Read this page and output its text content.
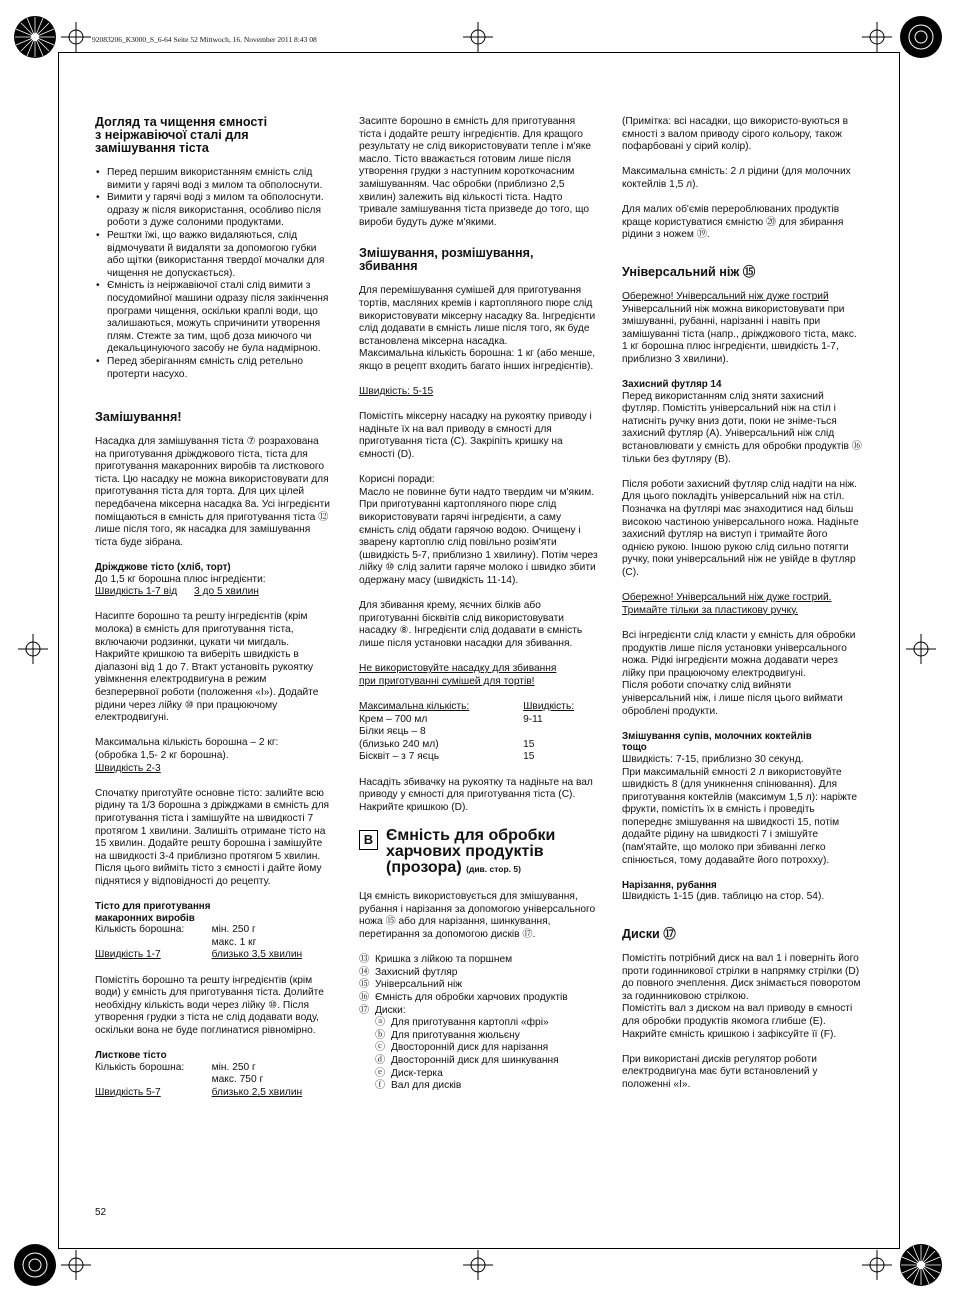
92083206_K3000_S_6-64 Seite 52 Mittwoch, 16. November 2011 8:43 08
Догляд та чищення ємності
з неіржавіючої сталі для
замішування тіста
• Перед першим використанням ємність слід вимити у гарячі воді з милом та обполоснути.
• Вимити у гарячі воді з милом та обполоснути. одразу ж після використання, особливо після роботи з дуже солоними продуктами.
• Рештки їжі, що важко видаляються, слід відмочувати й видаляти за допомогою губки або щітки (використання твердої мочалки для чищення не допускається).
• Ємність із неіржавіючої сталі слід вимити з посудомийної машини одразу після закінчення програми чищення, оскільки краплі води, що залишаються, можуть спричинити утворення плям. Стежте за тим, щоб доза миючого чи декальцинуючого засобу не була надмірною.
• Перед зберіганням ємність слід ретельно протерти насухо.
Замішування!

Насадка для замішування тіста ⑦ розрахована на приготування дріжджового тіста, тіста для приготування макаронних виробів та листкового тіста. Цю насадку не можна використовувати для приготування тіста для торта. Для цих цілей передбачена міксерна насадка 8а. Усі інгредієнти поміщаються в ємність для приготування тіста ⑫ лише після того, як насадка для замішування тіста буде зібрана.

Дріжджове тісто (хліб, торт)
До 1,5 кг борошна плюс інгредієнти:
Швидкість 1-7 від 3 до 5 хвилин

Насипте борошно та решту інгредієнтів (крім молока) в ємність для приготування тіста, включаючи родзинки, цукати чи мигдаль. Накрийте кришкою та виберіть швидкість в діапазоні від 1 до 7. Втакт установіть рукоятку увімкнення електродвигуна в режим безперервної роботи (положення «I»). Додайте рідини через лійку ⑩ при працюючому електродвигуні.

Максимальна кількість борошна – 2 кг:
(обробка 1,5- 2 кг борошна).

Швидкість 2-3

Спочатку приготуйте основне тісто: залийте всю рідину та 1/3 борошна з дріжджами в ємність для приготування тіста і замішуйте на швидкості 7 протягом 1 хвилини. Залишіть отримане тісто на 15 хвилин. Додайте решту борошна і замішуйте на швидкості 3-4 приблизно протягом 5 хвилин. Після цього вийміть тісто з ємності і дайте йому піднятися у відповідності до рецепту.

Тісто для приготування
макаронних виробів
Кількість борошна:	мін. 250 г
	макс. 1 кг
Швидкість 1-7	близько 3,5 хвилин

Помістіть борошно та решту інгредієнтів (крім води) у ємність для приготування тіста. Долийте необхідну кількість води через лійку ⑩. Після утворення грудки з тіста не слід додавати воду, оскільки вона не буде поглинатися рівномірно.

Листкове тісто
Кількість борошна:	мін. 250 г
	макс. 750 г
Швидкість 5-7	близько 2,5 хвилин

Засипте борошно в ємність для приготування тіста і додайте решту інгредієнтів. Для кращого результату не слід використовувати тепле і м'яке масло. Тісто вважається готовим лише після утворення грудки з наступним короткочасним замішуванням. Час обробки (приблизно 2,5 хвилин) залежить від кількості тіста. Надто тривале замішування тіста призведе до того, що вироби будуть дуже м'якими.

Змішування, розмішування,
збивання

Для перемішування сумішей для приготування тортів, масляних кремів і картопляного пюре слід використовувати міксерну насадку 8а. Інгредієнти слід додавати в ємність лише після того, як буде встановлена міксерна насадка.
Максимальна кількість борошна: 1 кг (або менше, якщо в рецепт входить багато інших інгредієнтів).

Швидкість: 5-15

Помістіть міксерну насадку на рукоятку приводу і надіньте їх на вал приводу в ємності для приготування тіста (С). Закріпіть кришку на ємності (D).

Корисні поради:
Масло не повинне бути надто твердим чи м'яким. При приготуванні картопляного пюре слід використовувати гарячі інгредієнти, а саму ємність слід обдати гарячою водою. Очищену і зварену картоплю слід повільно розім'яти (швидкість 5-7, приблизно 1 хвилину). Потім через лійку ⑩ слід залити гаряче молоко і швидко збити одержану масу (швидкість 11-14).

Для збивання крему, яєчних білків або приготуванні бісквітів слід використовувати насадку ⑧. Інгредієнти слід додавати в ємність лише після установки насадки для збивання.

Не використовуйте насадку для збивання
при приготуванні сумішей для тортів!

Максимальна кількість:	Швидкість:
Крем – 700 мл	9-11
Білки яєць – 8	
(близько 240 мл)	15
Бісквіт – з 7 яєць	15

Насадіть збивачку на рукоятку та надіньте на вал приводу у ємності для приготування тіста (С). Накрийте кришкою (D).

B Ємність для обробки
харчових продуктів
(прозора) (див. стор. 5)

Ця ємність використовується для змішування, рубання і нарізання за допомогою універсального ножа ⑮ або для нарізання, шинкування, перетирання за допомогою дисків ⑰.

⑬ Кришка з лійкою та поршнем
⑭ Захисний футляр
⑮ Універсальний ніж
⑯ Ємність для обробки харчових продуктів
⑰ Диски:
ⓐ Для приготування картоплі «фрі»
ⓑ Для приготування жюльєну
ⓒ Двосторонній диск для нарізання
ⓓ Двосторонній диск для шинкування
ⓔ Диск-терка
ⓕ Вал для дисків

(Примітка: всі насадки, що використо-вуються в ємності з валом приводу сірого кольору, також пофарбовані у сірий колір).

Максимальна ємність: 2 л рідини (для молочних коктейлів 1,5 л).

Для малих об'ємів перероблюваних продуктів краще користуватися ємністю ⑳ для збирання рідини з ножем ⑲.

Універсальний ніж ⑮
Обережно! Універсальний ніж дуже гострий

Універсальний ніж можна використовувати при змішуванні, рубанні, нарізанні і навіть при замішуванні тіста (напр., дріжджового тіста, макс. 1 кг борошна плюс інгредієнти, швидкість 1-7, приблизно 3 хвилини).

Захисний футляр 14

Перед використанням слід зняти захисний футляр. Помістіть універсальний ніж на стіл і натисніть ручку вниз доти, поки не зніме-ться захисний футляр (А). Універсальний ніж слід встановлювати у ємність для обробки продуктів ⑯ тільки без футляру (В).

Після роботи захисний футляр слід надіти на ніж. Для цього покладіть універсальний ніж на стіл. Позначка на футлярі має знаходитися над більш високою частиною універсального ножа. Надіньте захисний футляр на виступ і тримайте його однією рукою. Іншою рукою слід сильно потягти ручку, поки універсальний ніж не увійде в футляр (С).

Обережно! Універсальний ніж дуже гострий.
Тримайте тільки за пластикову ручку.

Всі інгредієнти слід класти у ємність для обробки продуктів лише після установки універсального ножа. Рідкі інгредієнти можна додавати через лійку при працюючому електродвигуні.
Після роботи спочатку слід вийняти універсальний ніж, і лише після цього виймати оброблені продукти.

Змішування супів, молочних коктейлів
тощо

Швидкість: 7-15, приблизно 30 секунд.
При максимальній ємності 2 л використовуйте швидкість 8 (для уникнення спінювання). Для приготування коктейлів (максимум 1,5 л): наріжте фрукти, помістіть їх в ємність і проведіть попереднє змішування на швидкості 15, потім додайте рідину на швидкості 7 і змішуйте (пам'ятайте, що молоко при збиванні легко спінюється, тому додавайте його потрохху).

Нарізання, рубання

Швидкість 1-15 (див. таблицю на стор. 54).

Диски ⑰

Помістіть потрібний диск на вал 1 і поверніть його проти годинникової стрілки в напрямку стрілки (D) до повного зчеплення. Диск знімається поворотом за годинниковою стрілкою.
Помістіть вал з диском на вал приводу в ємності для обробки продуктів якомога глибше (E). Накрийте ємність кришкою і зафіксуйте її (F).

При використані дисків регулятор роботи електродвигуна має бути встановлений у положенні «I».

52
